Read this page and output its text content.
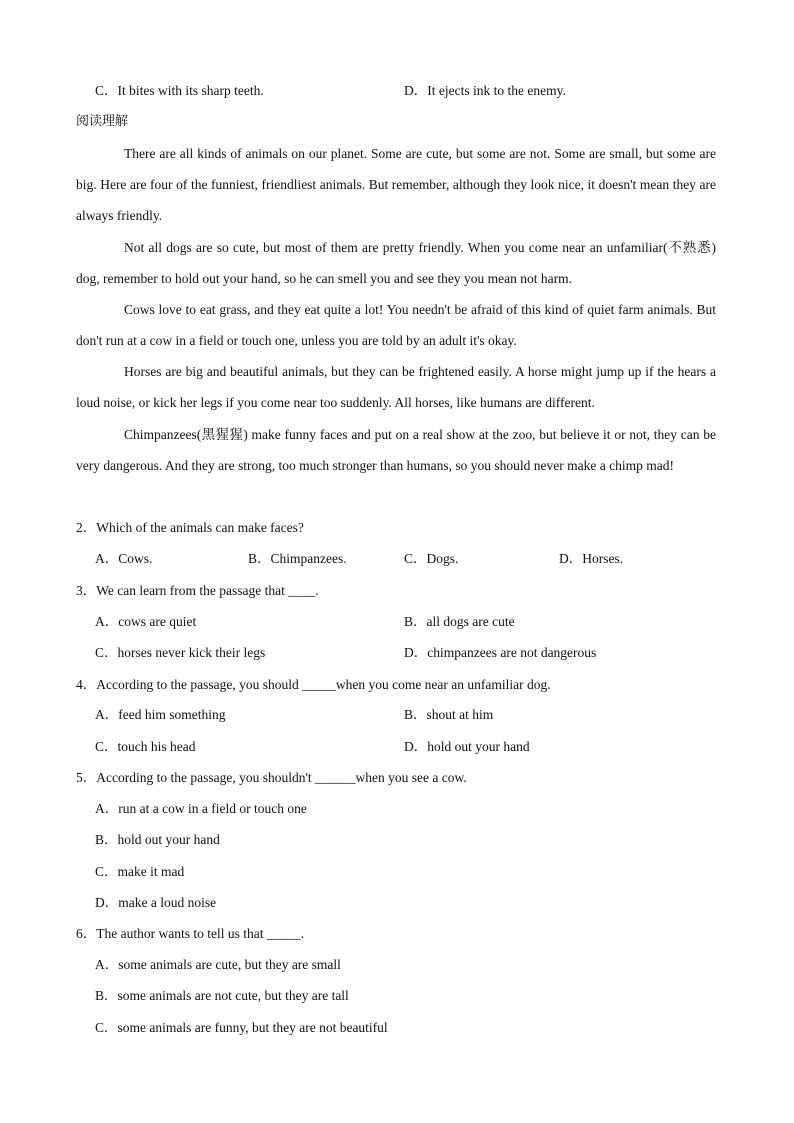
C．It bites with its sharp teeth.	D．It ejects ink to the enemy.
阅读理解
There are all kinds of animals on our planet. Some are cute, but some are not. Some are small, but some are big. Here are four of the funniest, friendliest animals. But remember, although they look nice, it doesn't mean they are always friendly.
Not all dogs are so cute, but most of them are pretty friendly. When you come near an unfamiliar(不熟悉) dog, remember to hold out your hand, so he can smell you and see they you mean not harm.
Cows love to eat grass, and they eat quite a lot! You needn't be afraid of this kind of quiet farm animals. But don't run at a cow in a field or touch one, unless you are told by an adult it's okay.
Horses are big and beautiful animals, but they can be frightened easily. A horse might jump up if the hears a loud noise, or kick her legs if you come near too suddenly. All horses, like humans are different.
Chimpanzees(黑猩猩) make funny faces and put on a real show at the zoo, but believe it or not, they can be very dangerous. And they are strong, too much stronger than humans, so you should never make a chimp mad!
2．Which of the animals can make faces?
A．Cows.	B．Chimpanzees.	C．Dogs.	D．Horses.
3．We can learn from the passage that ____.
A．cows are quiet	B．all dogs are cute
C．horses never kick their legs	D．chimpanzees are not dangerous
4．According to the passage, you should _____when you come near an unfamiliar dog.
A．feed him something	B．shout at him
C．touch his head	D．hold out your hand
5．According to the passage, you shouldn't ______when you see a cow.
A．run at a cow in a field or touch one
B．hold out your hand
C．make it mad
D．make a loud noise
6．The author wants to tell us that _____.
A．some animals are cute, but they are small
B．some animals are not cute, but they are tall
C．some animals are funny, but they are not beautiful
